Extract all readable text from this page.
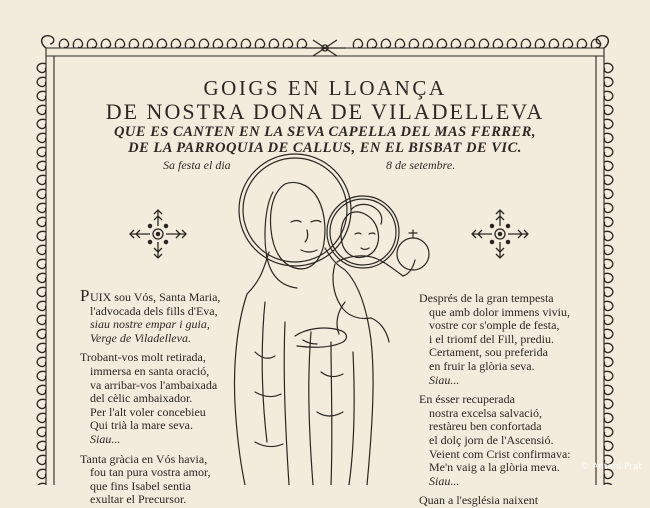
GOIGS EN LLOANÇA
DE NOSTRA DONA DE VILADELLEVA
QUE ES CANTEN EN LA SEVA CAPELLA DEL MAS FERRER,
DE LA PARROQUIA DE CALLUS, EN EL BISBAT DE VIC.
Sa festa el dia	8 de setembre.
PUIX sou Vós, Santa Maria,

l'advocada dels fills d'Eva,
siau nostre empar i guia,
Verge de Viladelleva.
Trobant-vos molt retirada,
immersa en santa oració,
va arribar-vos l'ambaixada
del cèlic ambaixador.
Per l'alt voler concebieu
Qui trià la mare seva.
Siau...
Tanta gràcia en Vós havia,
fou tan pura vostra amor,
que fins Isabel sentia
exultar el Precursor.
Després de la gran tempesta
que amb dolor immens viviu,
vostre cor s'omple de festa,
i el triomf del Fill, prediu.
Certament, sou preferida
en fruir la glòria seva.
Siau...
En ésser recuperada
nostra excelsa salvació,
restàreu ben confortada
el dolç jorn de l'Ascensió.
Veient com Crist confirmava:
Me'n vaig a la glòria meva.
Siau...
Quan a l'església naixent
© Antoni Prat
